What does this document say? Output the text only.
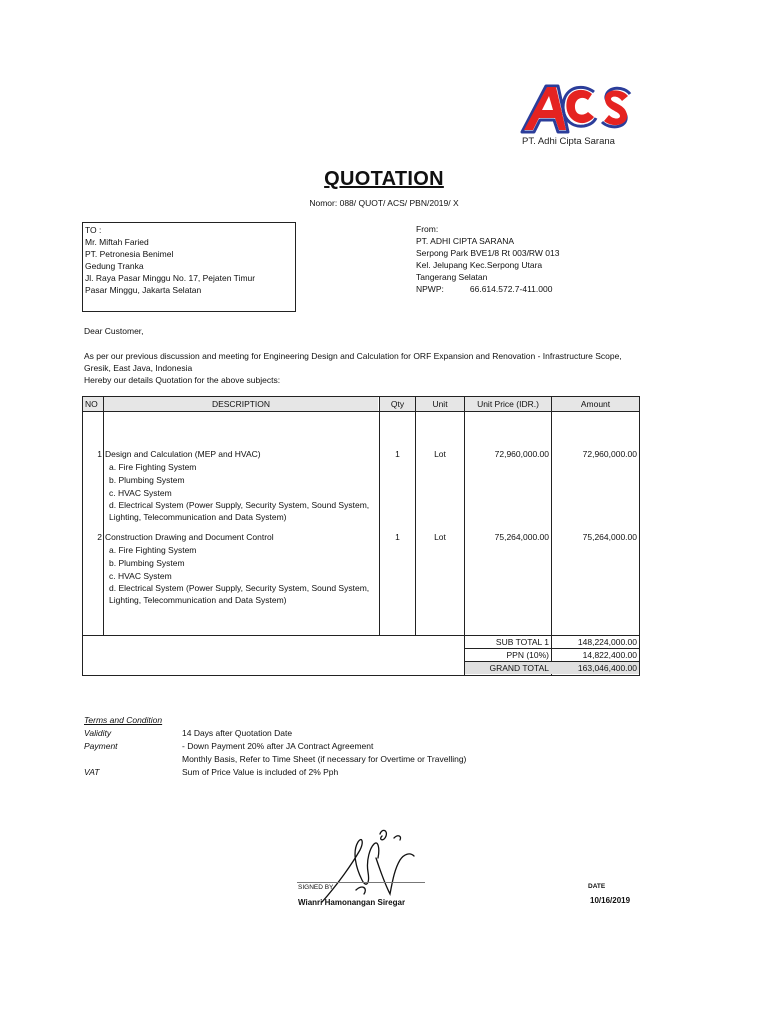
PT. Adhi Cipta Sarana
QUOTATION
Nomor: 088/ QUOT/ ACS/ PBN/2019/ X
TO :
Mr. Miftah Faried
PT. Petronesia Benimel
Gedung Tranka
Jl. Raya Pasar Minggu No. 17, Pejaten Timur
Pasar Minggu, Jakarta Selatan
From:
PT. ADHI CIPTA SARANA
Serpong Park BVE1/8 Rt 003/RW 013
Kel. Jelupang Kec.Serpong Utara
Tangerang Selatan
NPWP:	66.614.572.7-411.000
Dear Customer,
As per our previous discussion and meeting for Engineering Design and Calculation for ORF Expansion and Renovation - Infrastructure Scope,
Gresik, East Java, Indonesia
Hereby our details Quotation for the above subjects:
NO	DESCRIPTION	Qty	Unit	Unit Price (IDR.)	Amount
1 Design and Calculation (MEP and HVAC)	1	Lot	72,960,000.00	72,960,000.00
a. Fire Fighting System
b. Plumbing System
c. HVAC System
d. Electrical System (Power Supply, Security System, Sound System,
Lighting, Telecommunication and Data System)
2 Construction Drawing and Document Control	1	Lot	75,264,000.00	75,264,000.00
a. Fire Fighting System
b. Plumbing System
c. HVAC System
d. Electrical System (Power Supply, Security System, Sound System,
Lighting, Telecommunication and Data System)
SUB TOTAL 1	148,224,000.00
PPN (10%)	14,822,400.00
GRAND TOTAL	163,046,400.00
Terms and Condition
Validity	14 Days after Quotation Date
Payment	- Down Payment 20% after JA Contract Agreement
Monthly Basis, Refer to Time Sheet (if necessary for Overtime or Travelling)
VAT	Sum of Price Value is included of 2% Pph
SIGNED BY
Wianri Hamonangan Siregar
DATE
10/16/2019
